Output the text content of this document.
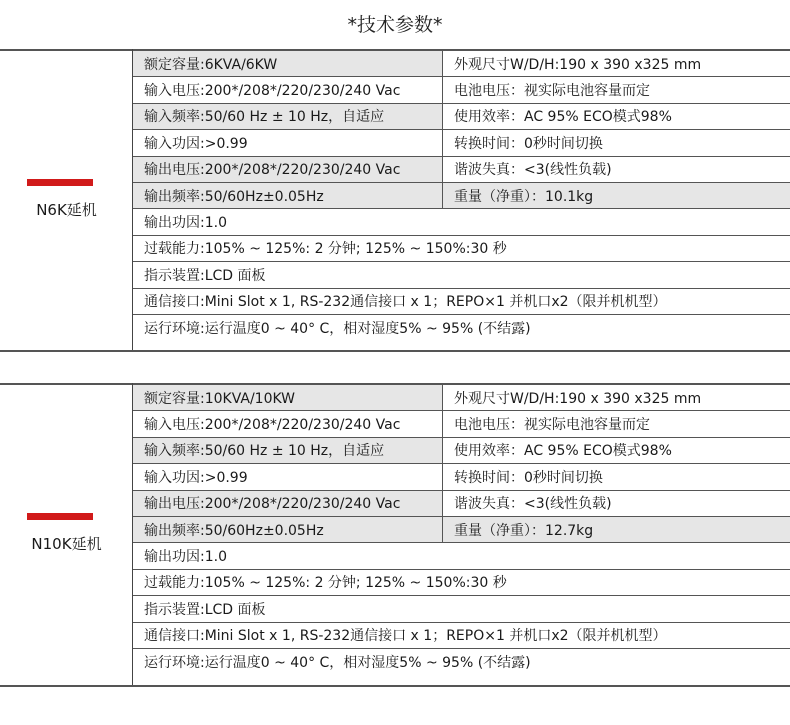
*技术参数*
N6K延机
额定容量:6KVA/6KW	外观尺寸W/D/H:190 x 390 x325 mm
输入电压:200*/208*/220/230/240 Vac	电池电压：视实际电池容量而定
输入频率:50/60 Hz ± 10 Hz，自适应	使用效率：AC 95% ECO模式98%
输入功因:>0.99	转换时间：0秒时间切换
输出电压:200*/208*/220/230/240 Vac	谐波失真：<3(线性负载)
输出频率:50/60Hz±0.05Hz	重量（净重）：10.1kg
输出功因:1.0
过载能力:105% ~ 125%: 2 分钟; 125% ~ 150%:30 秒
指示装置:LCD 面板
通信接口:Mini Slot x 1, RS-232通信接口 x 1；REPO×1 并机口x2（限并机机型）
运行环境:运行温度0 ~ 40° C，相对湿度5% ~ 95% (不结露)
N10K延机
额定容量:10KVA/10KW	外观尺寸W/D/H:190 x 390 x325 mm
输入电压:200*/208*/220/230/240 Vac	电池电压：视实际电池容量而定
输入频率:50/60 Hz ± 10 Hz，自适应	使用效率：AC 95% ECO模式98%
输入功因:>0.99	转换时间：0秒时间切换
输出电压:200*/208*/220/230/240 Vac	谐波失真：<3(线性负载)
输出频率:50/60Hz±0.05Hz	重量（净重）：12.7kg
输出功因:1.0
过载能力:105% ~ 125%: 2 分钟; 125% ~ 150%:30 秒
指示装置:LCD 面板
通信接口:Mini Slot x 1, RS-232通信接口 x 1；REPO×1 并机口x2（限并机机型）
运行环境:运行温度0 ~ 40° C，相对湿度5% ~ 95% (不结露)
